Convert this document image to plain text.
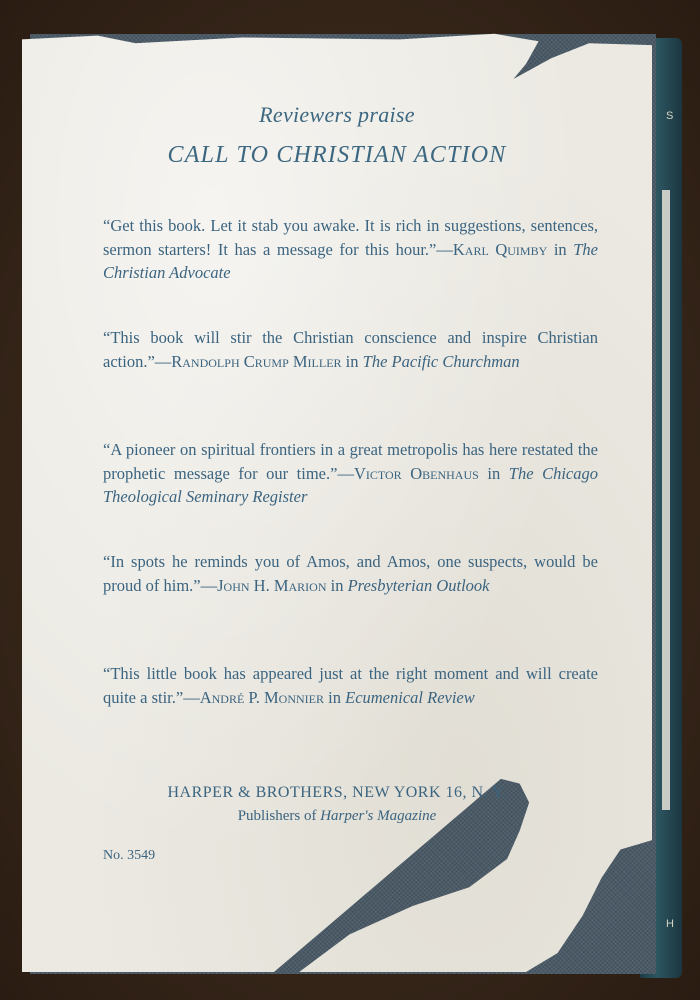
S
H
Reviewers praise
CALL TO CHRISTIAN ACTION
“Get this book. Let it stab you awake. It is rich in suggestions, sentences, sermon starters! It has a message for this hour.”—Karl Quimby in The Christian Advocate
“This book will stir the Christian conscience and inspire Christian action.”—Randolph Crump Miller in The Pacific Churchman
“A pioneer on spiritual frontiers in a great metropolis has here restated the prophetic message for our time.”—Victor Obenhaus in The Chicago Theological Seminary Register
“In spots he reminds you of Amos, and Amos, one suspects, would be proud of him.”—John H. Marion in Presbyterian Outlook
“This little book has appeared just at the right moment and will create quite a stir.”—André P. Monnier in Ecumenical Review
HARPER & BROTHERS, NEW YORK 16, N. Y.
Publishers of Harper's Magazine
No. 3549
